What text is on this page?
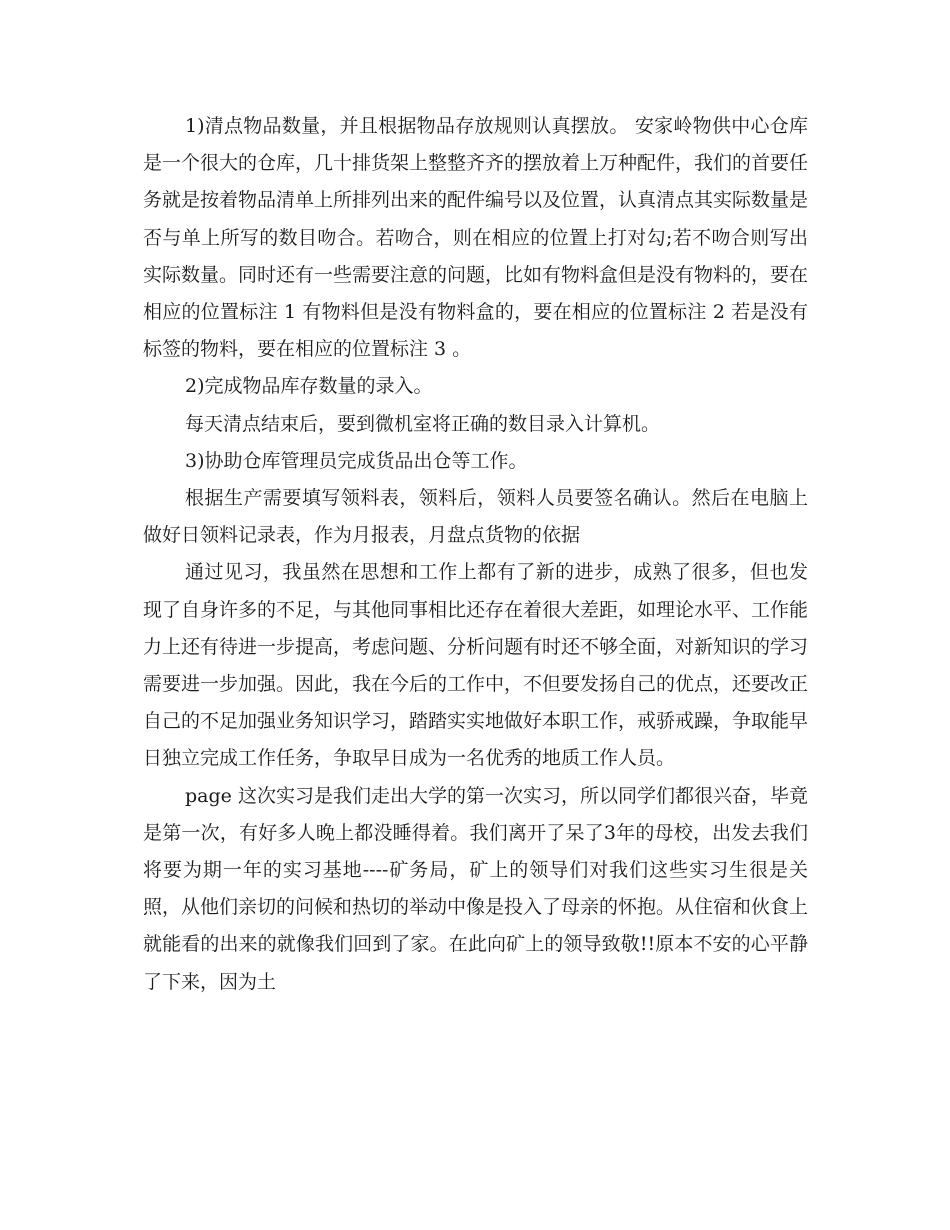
1)清点物品数量，并且根据物品存放规则认真摆放。 安家岭物供中心仓库是一个很大的仓库，几十排货架上整整齐齐的摆放着上万种配件，我们的首要任务就是按着物品清单上所排列出来的配件编号以及位置，认真清点其实际数量是否与单上所写的数目吻合。若吻合，则在相应的位置上打对勾;若不吻合则写出实际数量。同时还有一些需要注意的问题，比如有物料盒但是没有物料的，要在相应的位置标注 1 有物料但是没有物料盒的，要在相应的位置标注 2 若是没有标签的物料，要在相应的位置标注 3 。

2)完成物品库存数量的录入。

每天清点结束后，要到微机室将正确的数目录入计算机。

3)协助仓库管理员完成货品出仓等工作。

根据生产需要填写领料表，领料后，领料人员要签名确认。然后在电脑上做好日领料记录表，作为月报表，月盘点货物的依据

通过见习，我虽然在思想和工作上都有了新的进步，成熟了很多，但也发现了自身许多的不足，与其他同事相比还存在着很大差距，如理论水平、工作能力上还有待进一步提高，考虑问题、分析问题有时还不够全面，对新知识的学习需要进一步加强。因此，我在今后的工作中，不但要发扬自己的优点，还要改正自己的不足加强业务知识学习，踏踏实实地做好本职工作，戒骄戒躁，争取能早日独立完成工作任务，争取早日成为一名优秀的地质工作人员。

page 这次实习是我们走出大学的第一次实习，所以同学们都很兴奋，毕竟是第一次，有好多人晚上都没睡得着。我们离开了呆了3年的母校，出发去我们将要为期一年的实习基地----矿务局，矿上的领导们对我们这些实习生很是关照，从他们亲切的问候和热切的举动中像是投入了母亲的怀抱。从住宿和伙食上就能看的出来的就像我们回到了家。在此向矿上的领导致敬!!原本不安的心平静了下来，因为土
